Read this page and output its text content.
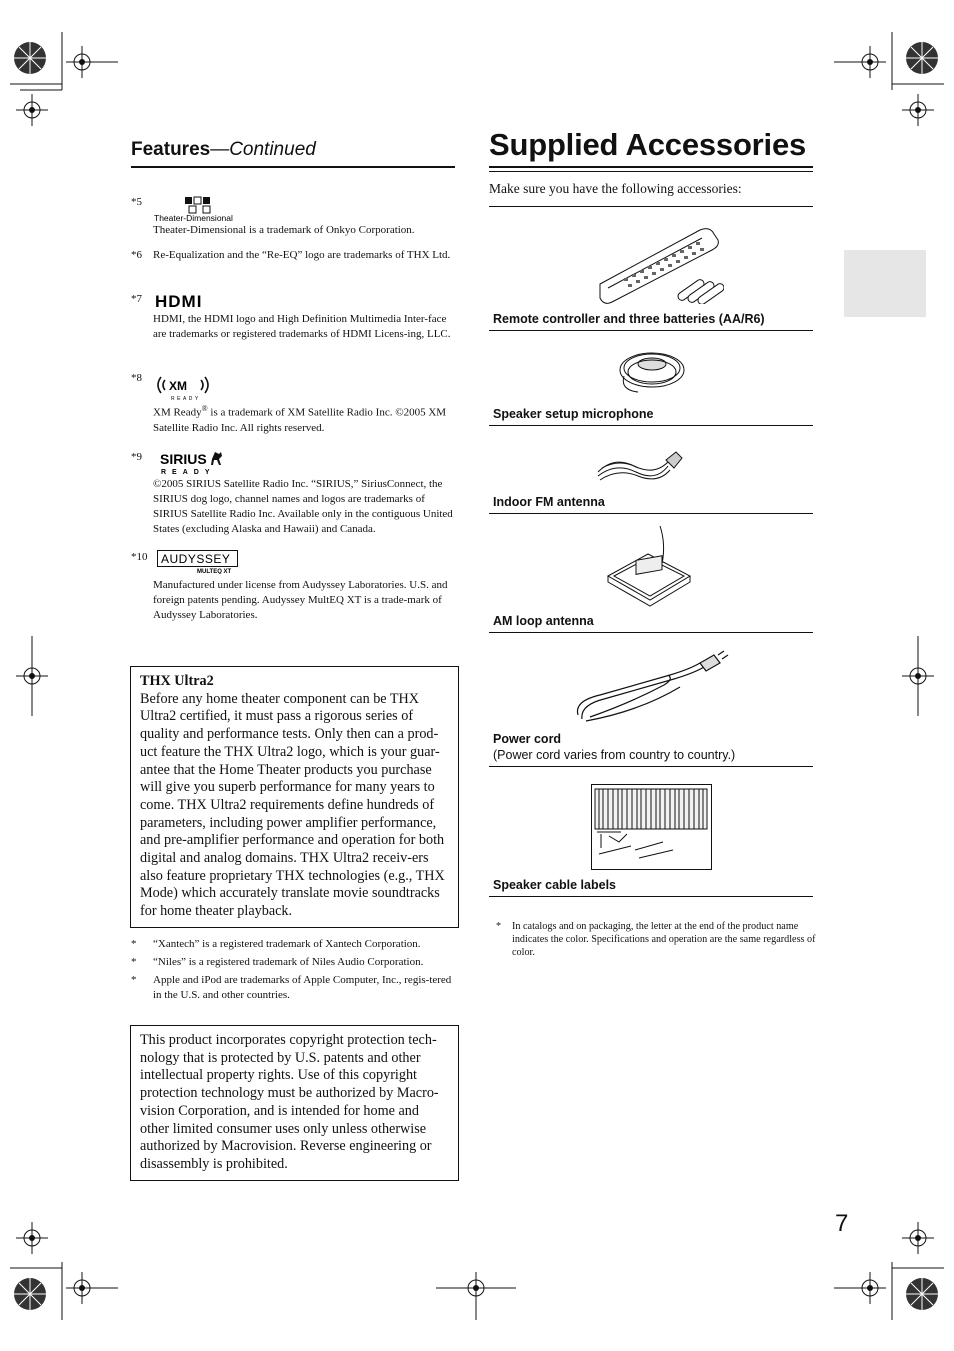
Features—Continued
*5
Theater-Dimensional
Theater-Dimensional is a trademark of Onkyo Corporation.
*6 Re-Equalization and the “Re-EQ” logo are trademarks of THX Ltd.
*7 HDMI
HDMI, the HDMI logo and High Definition Multimedia Inter-face are trademarks or registered trademarks of HDMI Licens-ing, LLC.
*8
XM
READY
XM Ready® is a trademark of XM Satellite Radio Inc. ©2005 XM Satellite Radio Inc. All rights reserved.
*9 SIRIUS
READY
©2005 SIRIUS Satellite Radio Inc. “SIRIUS,” SiriusConnect, the SIRIUS dog logo, channel names and logos are trademarks of SIRIUS Satellite Radio Inc. Available only in the contiguous United States (excluding Alaska and Hawaii) and Canada.
*10 AUDYSSEY
MULTEQ XT
Manufactured under license from Audyssey Laboratories. U.S. and foreign patents pending. Audyssey MultEQ XT is a trade-mark of Audyssey Laboratories.
THX Ultra2
Before any home theater component can be THX Ultra2 certified, it must pass a rigorous series of quality and performance tests. Only then can a prod-uct feature the THX Ultra2 logo, which is your guar-antee that the Home Theater products you purchase will give you superb performance for many years to come. THX Ultra2 requirements define hundreds of parameters, including power amplifier performance, and pre-amplifier performance and operation for both digital and analog domains. THX Ultra2 receiv-ers also feature proprietary THX technologies (e.g., THX Mode) which accurately translate movie soundtracks for home theater playback.
* “Xantech” is a registered trademark of Xantech Corporation.
* “Niles” is a registered trademark of Niles Audio Corporation.
* Apple and iPod are trademarks of Apple Computer, Inc., regis-tered in the U.S. and other countries.
This product incorporates copyright protection tech-nology that is protected by U.S. patents and other intellectual property rights. Use of this copyright protection technology must be authorized by Macro-vision Corporation, and is intended for home and other limited consumer uses only unless otherwise authorized by Macrovision. Reverse engineering or disassembly is prohibited.
Supplied Accessories
Make sure you have the following accessories:
Remote controller and three batteries (AA/R6)
Speaker setup microphone
Indoor FM antenna
AM loop antenna
Power cord
(Power cord varies from country to country.)
Speaker cable labels
* In catalogs and on packaging, the letter at the end of the product name indicates the color. Specifications and operation are the same regardless of color.
7
